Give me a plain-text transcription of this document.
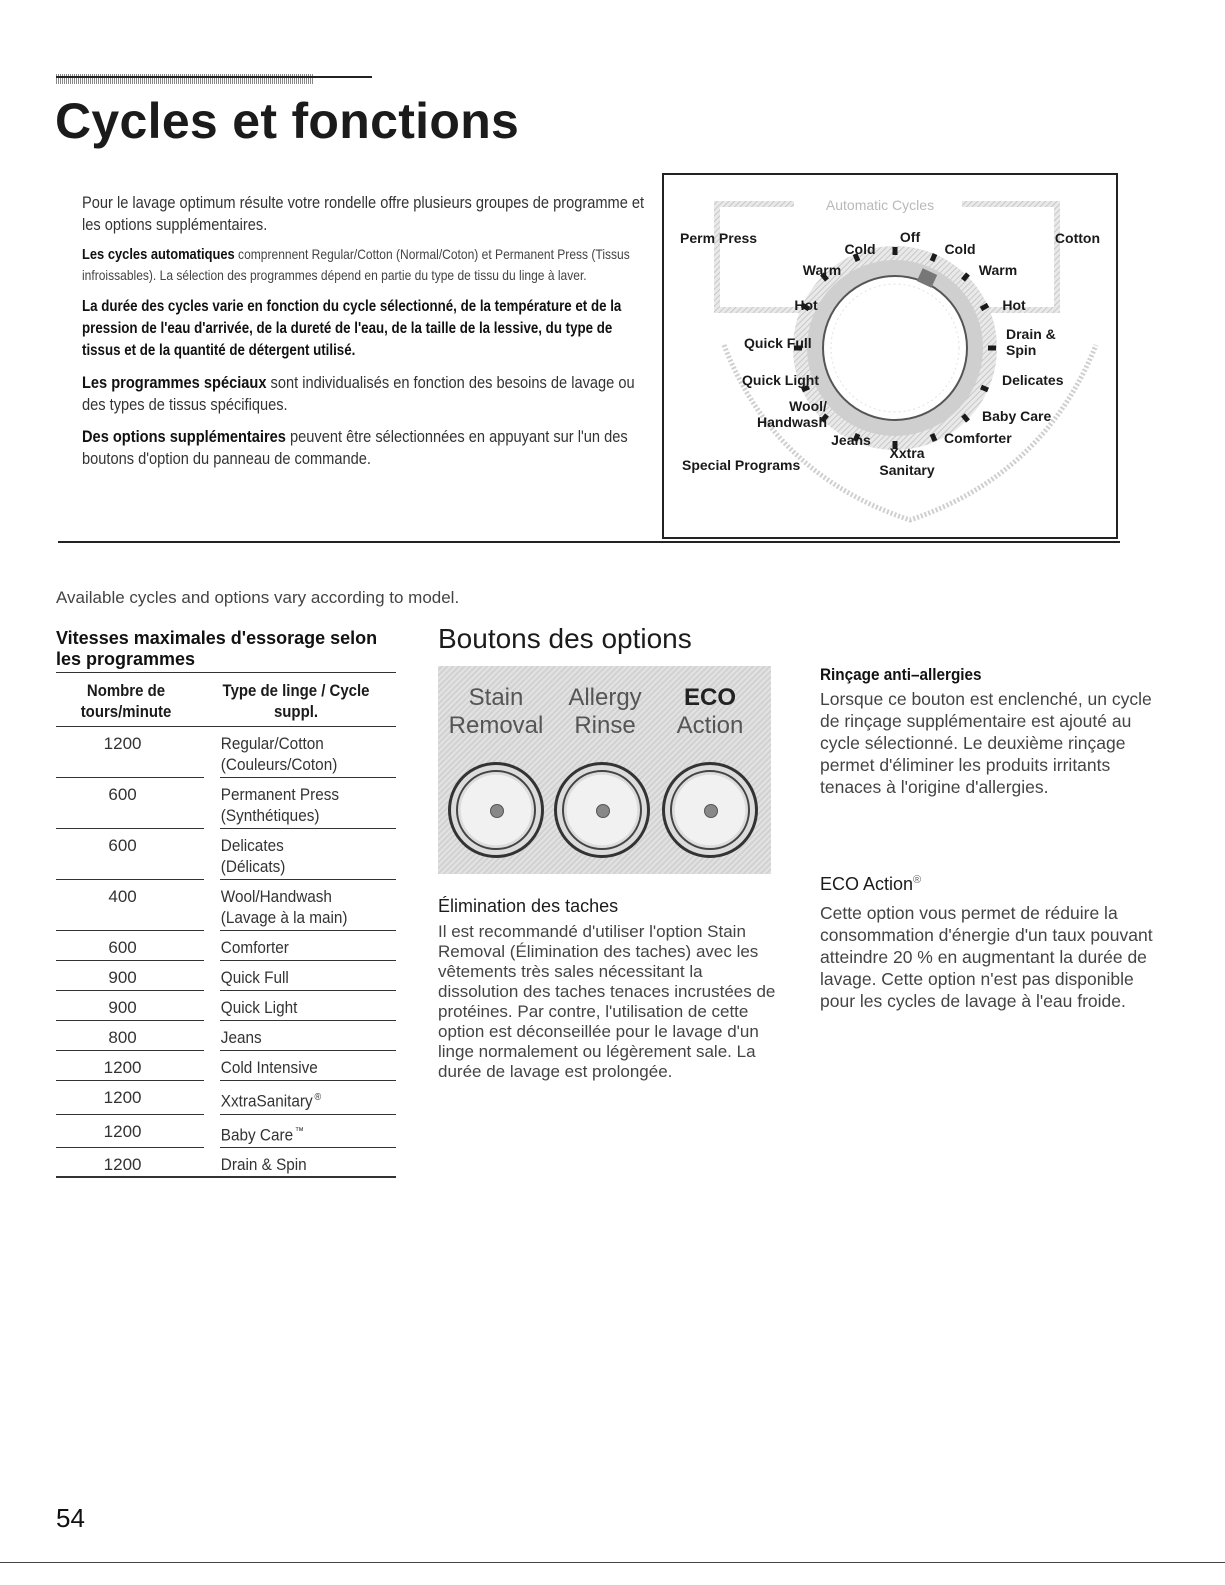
Cycles et fonctions

Pour le lavage optimum résulte votre rondelle offre plusieurs groupes de programme et les options supplémentaires.

Les cycles automatiques comprennent Regular/Cotton (Normal/Coton) et Permanent Press (Tissus infroissables). La sélection des programmes dépend en partie du type de tissu du linge à laver.

La durée des cycles varie en fonction du cycle sélectionné, de la température et de la pression de l'eau d'arrivée, de la dureté de l'eau, de la taille de la lessive, du type de tissus et de la quantité de détergent utilisé.

Les programmes spéciaux sont individualisés en fonction des besoins de lavage ou des types de tissus spécifiques.

Des options supplémentaires peuvent être sélectionnées en appuyant sur l'un des boutons d'option du panneau de commande.

Automatic Cycles
Perm Press	Cotton
Special Programs
Off
Cold	Cold
Warm	Warm
Hot	Hot
Quick Full
Drain &
Spin
Quick Light	Delicates
Wool/
Handwash	Baby Care
Jeans	Comforter
Xxtra
Sanitary
Available cycles and options vary according to model.
Vitesses maximales d'essorage selon les programmes
Nombre de tours/minute
Type de linge / Cycle suppl.
1200	Regular/Cotton
(Couleurs/Coton)
600	Permanent Press
(Synthétiques)
600	Delicates
(Délicats)
400	Wool/Handwash
(Lavage à la main)
600	Comforter
900	Quick Full
900	Quick Light
800	Jeans
1200	Cold Intensive
1200	XxtraSanitary ®
1200	Baby Care ™
1200	Drain & Spin
Boutons des options
Stain
Removal
Allergy
Rinse
ECO
Action
Élimination des taches
Il est recommandé d'utiliser l'option Stain Removal (Élimination des taches) avec les vêtements très sales nécessitant la dissolution des taches tenaces incrustées de protéines. Par contre, l'utilisation de cette option est déconseillée pour le lavage d'un linge normalement ou légèrement sale. La durée de lavage est prolongée.
Rinçage anti–allergies
Lorsque ce bouton est enclenché, un cycle de rinçage supplémentaire est ajouté au cycle sélectionné. Le deuxième rinçage permet d'éliminer les produits irritants tenaces à l'origine d'allergies.
ECO Action®
Cette option vous permet de réduire la consommation d'énergie d'un taux pouvant atteindre 20 % en augmentant la durée de lavage. Cette option n'est pas disponible pour les cycles de lavage à l'eau froide.
54
